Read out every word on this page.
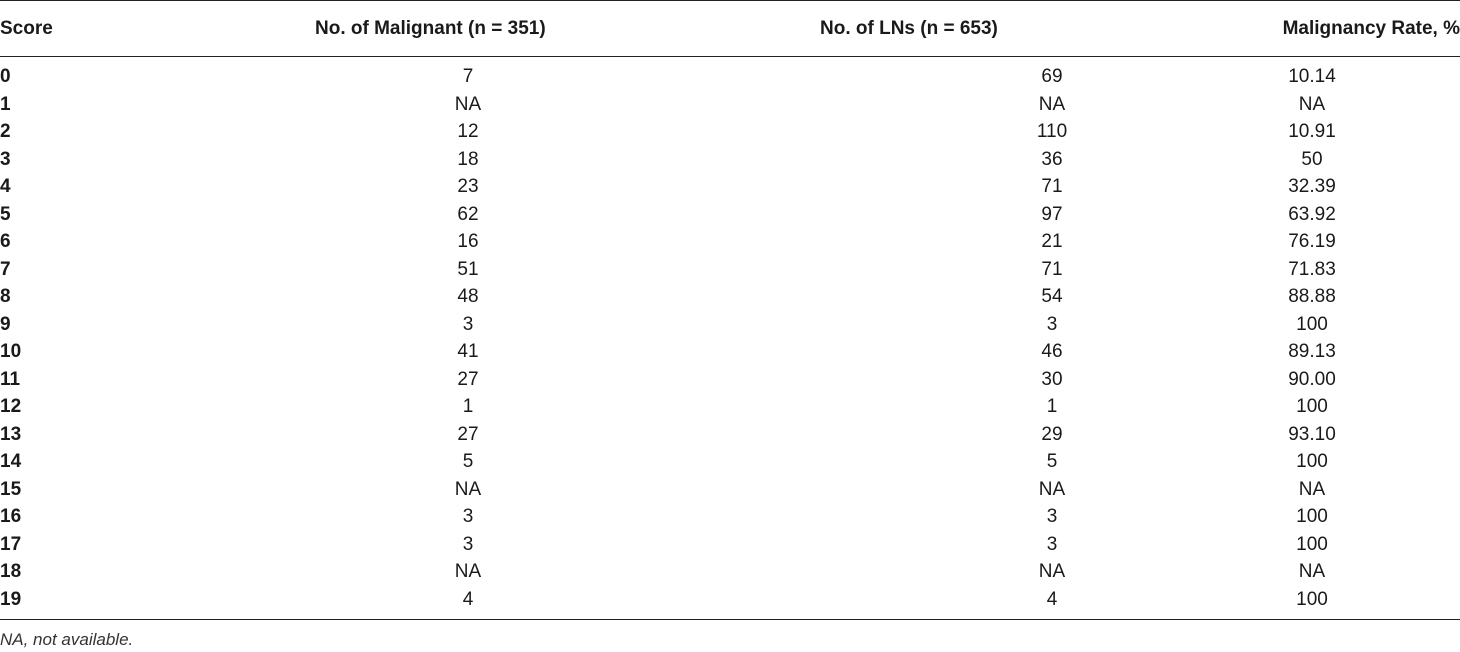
Score	No. of Malignant (n = 351)	No. of LNs (n = 653)	Malignancy Rate, %
0	7	69	10.14
1	NA	NA	NA
2	12	110	10.91
3	18	36	50
4	23	71	32.39
5	62	97	63.92
6	16	21	76.19
7	51	71	71.83
8	48	54	88.88
9	3	3	100
10	41	46	89.13
11	27	30	90.00
12	1	1	100
13	27	29	93.10
14	5	5	100
15	NA	NA	NA
16	3	3	100
17	3	3	100
18	NA	NA	NA
19	4	4	100
NA, not available.
